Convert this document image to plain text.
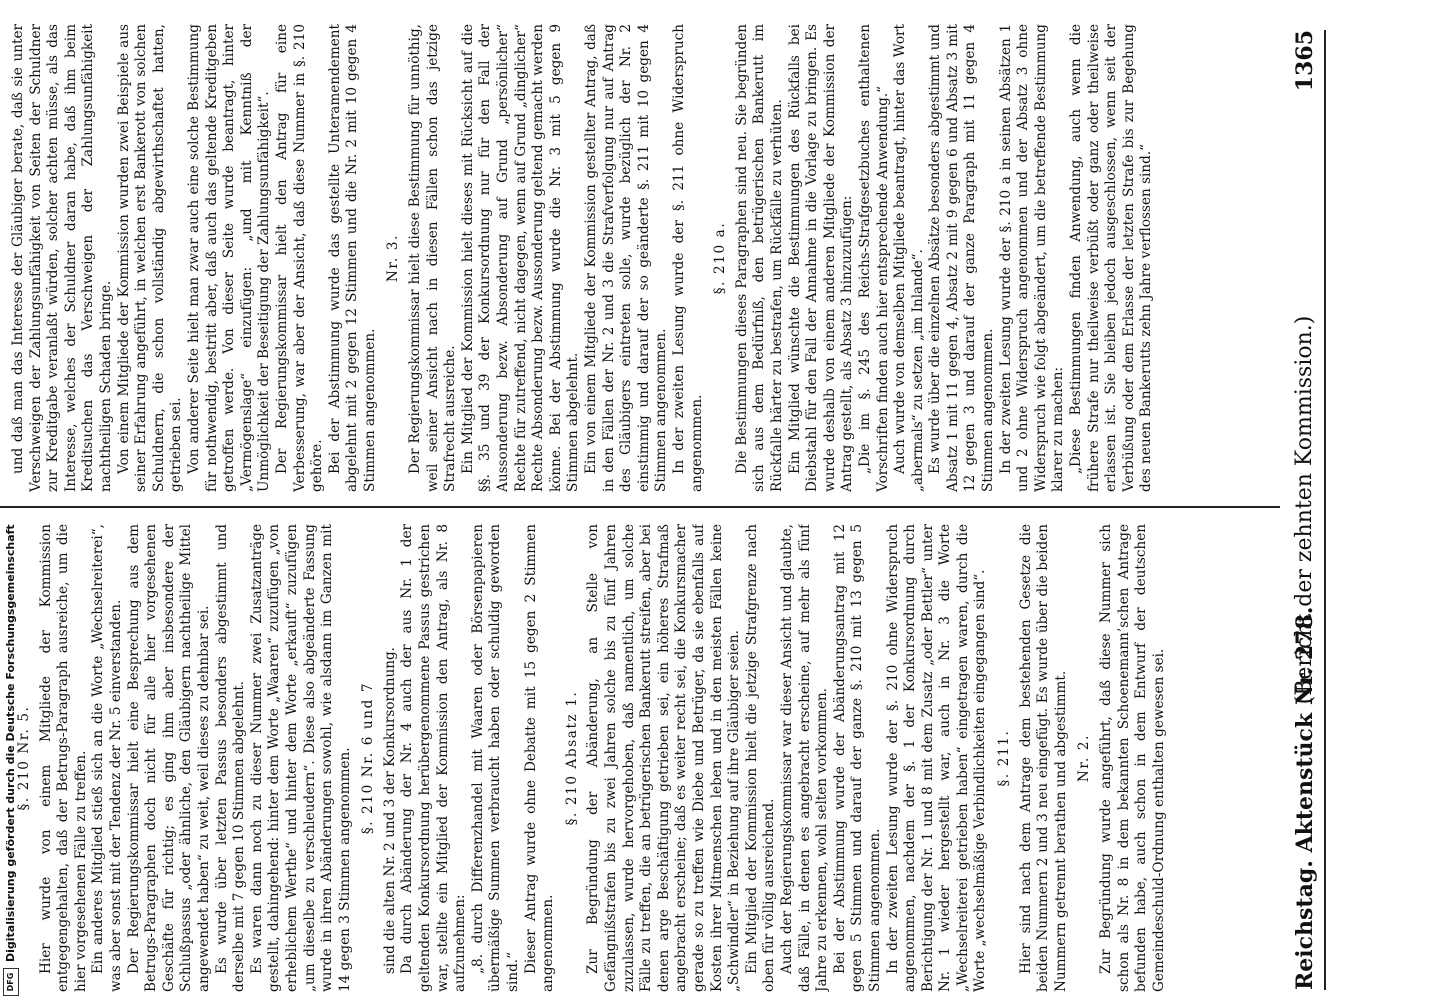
DFG
Digitalisierung gefördert durch die Deutsche Forschungsgemeinschaft §. 210 Nr. 5. Hier wurde von einem Mitgliede der Kommission entgegengehalten, daß der Betrugs-Paragraph ausreiche, um die hier vorgesehenen Fälle zu treffen. Ein anderes Mitglied stieß sich an die Worte „Wechselreiterei“, was aber sonst mit der Tendenz der Nr. 5 einverstanden. Der Regierungskommissar hielt eine Besprechung aus dem Betrugs-Paragraphen doch nicht für alle hier vorgesehenen Geschäfte für richtig; es ging ihm aber insbesondere der Schlußpassus „oder ähnliche, den Gläubigern nachtheilige Mittel angewendet haben“ zu weit, weil dieses zu dehnbar sei. Es wurde über letzten Passus besonders abgestimmt und derselbe mit 7 gegen 10 Stimmen abgelehnt. Es waren dann noch zu dieser Nummer zwei Zusatzanträge gestellt, dahingehend: hinter dem Worte „Waaren“ zuzufügen „von erheblichem Werthe“ und hinter dem Worte „erkauft“ zuzufügen „um dieselbe zu verschleudern“. Diese also abgeänderte Fassung wurde in ihren Abänderungen sowohl, wie alsdann im Ganzen mit 14 gegen 3 Stimmen angenommen. §. 210 Nr. 6 und 7 sind die alten Nr. 2 und 3 der Konkursordnung. Da durch Abänderung der Nr. 4 auch der aus Nr. 1 der geltenden Konkursordnung herübergenommene Passus gestrichen war, stellte ein Mitglied der Kommission den Antrag, als Nr. 8 aufzunehmen: „8. durch Differenzhandel mit Waaren oder Börsenpapieren übermäßige Summen verbraucht haben oder schuldig geworden sind.“ Dieser Antrag wurde ohne Debatte mit 15 gegen 2 Stimmen angenommen.

§. 210 Absatz 1. Zur Begründung der Abänderung, an Stelle von Gefängnißstrafen bis zu zwei Jahren solche bis zu fünf Jahren zuzulassen, wurde hervorgehoben, daß namentlich, um solche Fälle zu treffen, die an betrügerischen Bankerutt streifen, aber bei denen arge Beschäftigung getrieben sei, ein höheres Strafmaß angebracht erscheine; daß es weiter recht sei, die Konkursmacher gerade so zu treffen wie Diebe und Betrüger, da sie ebenfalls auf Kosten ihrer Mitmenschen leben und in den meisten Fällen keine „Schwindler“ in Beziehung auf ihre Gläubiger seien. Ein Mitglied der Kommission hielt die jetzige Strafgrenze nach oben für völlig ausreichend. Auch der Regierungskommissar war dieser Ansicht und glaubte, daß Fälle, in denen es angebracht erscheine, auf mehr als fünf Jahre zu erkennen, wohl selten vorkommen. Bei der Abstimmung wurde der Abänderungsantrag mit 12 gegen 5 Stimmen und darauf der ganze §. 210 mit 13 gegen 5 Stimmen angenommen. In der zweiten Lesung wurde der §. 210 ohne Widerspruch angenommen, nachdem der §. 1 der Konkursordnung durch Berichtigung der Nr. 1 und 8 mit dem Zusatz „oder Bettler“ unter Nr. 1 wieder hergestellt war, auch in Nr. 3 die Worte „Wechselreiterei getrieben haben“ eingetragen waren, durch die Worte „wechselmäßige Verbindlichkeiten eingegangen sind“. §. 211. Hier sind nach dem Antrage dem bestehenden Gesetze die beiden Nummern 2 und 3 neu eingefügt. Es wurde über die beiden Nummern getrennt berathen und abgestimmt. Nr. 2. Zur Begründung wurde angeführt, daß diese Nummer sich schon als Nr. 8 in dem bekannten Schoenemann’schen Antrage befunden habe, auch schon in dem Entwurf der deutschen Gemeindeschuld-Ordnung enthalten gewesen sei.

und daß man das Interesse der Gläubiger berate, daß sie unter Verschweigen der Zahlungsunfähigkeit von Seiten der Schuldner zur Kreditgabe veranlaßt würden, solcher achten müsse, als das Interesse, welches der Schuldner daran habe, daß ihm beim Kreditsuchen das Verschweigen der Zahlungsunfähigkeit nachtheiligen Schaden bringe. Von einem Mitgliede der Kommission wurden zwei Beispiele aus seiner Erfahrung angeführt, in welchen erst Bankerott von solchen Schuldnern, die schon vollständig abgewirthschaftet hatten, getrieben sei. Von anderer Seite hielt man zwar auch eine solche Bestimmung für nothwendig, bestritt aber, daß auch das geltende Kreditgeben getroffen werde. Von dieser Seite wurde beantragt, hinter „Vermögenslage“ einzufügen: „und mit Kenntniß der Unmöglichkeit der Beseitigung der Zahlungsunfähigkeit“. Der Regierungskommissar hielt den Antrag für eine Verbesserung, war aber der Ansicht, daß diese Nummer in §. 210 gehöre. Bei der Abstimmung wurde das gestellte Unteramendement abgelehnt mit 2 gegen 12 Stimmen und die Nr. 2 mit 10 gegen 4 Stimmen angenommen.

Nr. 3. Der Regierungskommissar hielt diese Bestimmung für unnöthig, weil seiner Ansicht nach in diesen Fällen schon das jetzige Strafrecht ausreiche. Ein Mitglied der Kommission hielt dieses mit Rücksicht auf die §§. 35 und 39 der Konkursordnung nur für den Fall der Aussonderung bezw. Absonderung auf Grund „persönlicher“ Rechte für zutreffend, nicht dagegen, wenn auf Grund „dinglicher“ Rechte Absonderung bezw. Aussonderung geltend gemacht werden könne. Bei der Abstimmung wurde die Nr. 3 mit 5 gegen 9 Stimmen abgelehnt. Ein von einem Mitgliede der Kommission gestellter Antrag, daß in den Fällen der Nr. 2 und 3 die Strafverfolgung nur auf Antrag des Gläubigers eintreten solle, wurde bezüglich der Nr. 2 einstimmig und darauf der so geänderte §. 211 mit 10 gegen 4 Stimmen angenommen. In der zweiten Lesung wurde der §. 211 ohne Widerspruch angenommen.

§. 210 a. Die Bestimmungen dieses Paragraphen sind neu. Sie begründen sich aus dem Bedürfniß, den betrügerischen Bankerutt im Rückfalle härter zu bestrafen, um Rückfälle zu verhüten. Ein Mitglied wünschte die Bestimmungen des Rückfalls bei Diebstahl für den Fall der Annahme in die Vorlage zu bringen. Es wurde deshalb von einem anderen Mitgliede der Kommission der Antrag gestellt, als Absatz 3 hinzuzufügen: „Die im §. 245 des Reichs-Strafgesetzbuches enthaltenen Vorschriften finden auch hier entsprechende Anwendung.“ Auch wurde von demselben Mitgliede beantragt, hinter das Wort „abermals“ zu setzen „im Inlande“. Es wurde über die einzelnen Absätze besonders abgestimmt und Absatz 1 mit 11 gegen 4, Absatz 2 mit 9 gegen 6 und Absatz 3 mit 12 gegen 3 und darauf der ganze Paragraph mit 11 gegen 4 Stimmen angenommen. In der zweiten Lesung wurde der §. 210 a in seinen Absätzen 1 und 2 ohne Widerspruch angenommen und der Absatz 3 ohne Widerspruch wie folgt abgeändert, um die betreffende Bestimmung klarer zu machen: „Diese Bestimmungen finden Anwendung, auch wenn die frühere Strafe nur theilweise verbüßt oder ganz oder theilweise erlassen ist. Sie bleiben jedoch ausgeschlossen, wenn seit der Verbüßung oder dem Erlasse der letzten Strafe bis zur Begehung des neuen Bankerutts zehn Jahre verflossen sind.“

Reichstag. Aktenstück Nr. 278.
(Bericht der zehnten Kommission.)
1365
